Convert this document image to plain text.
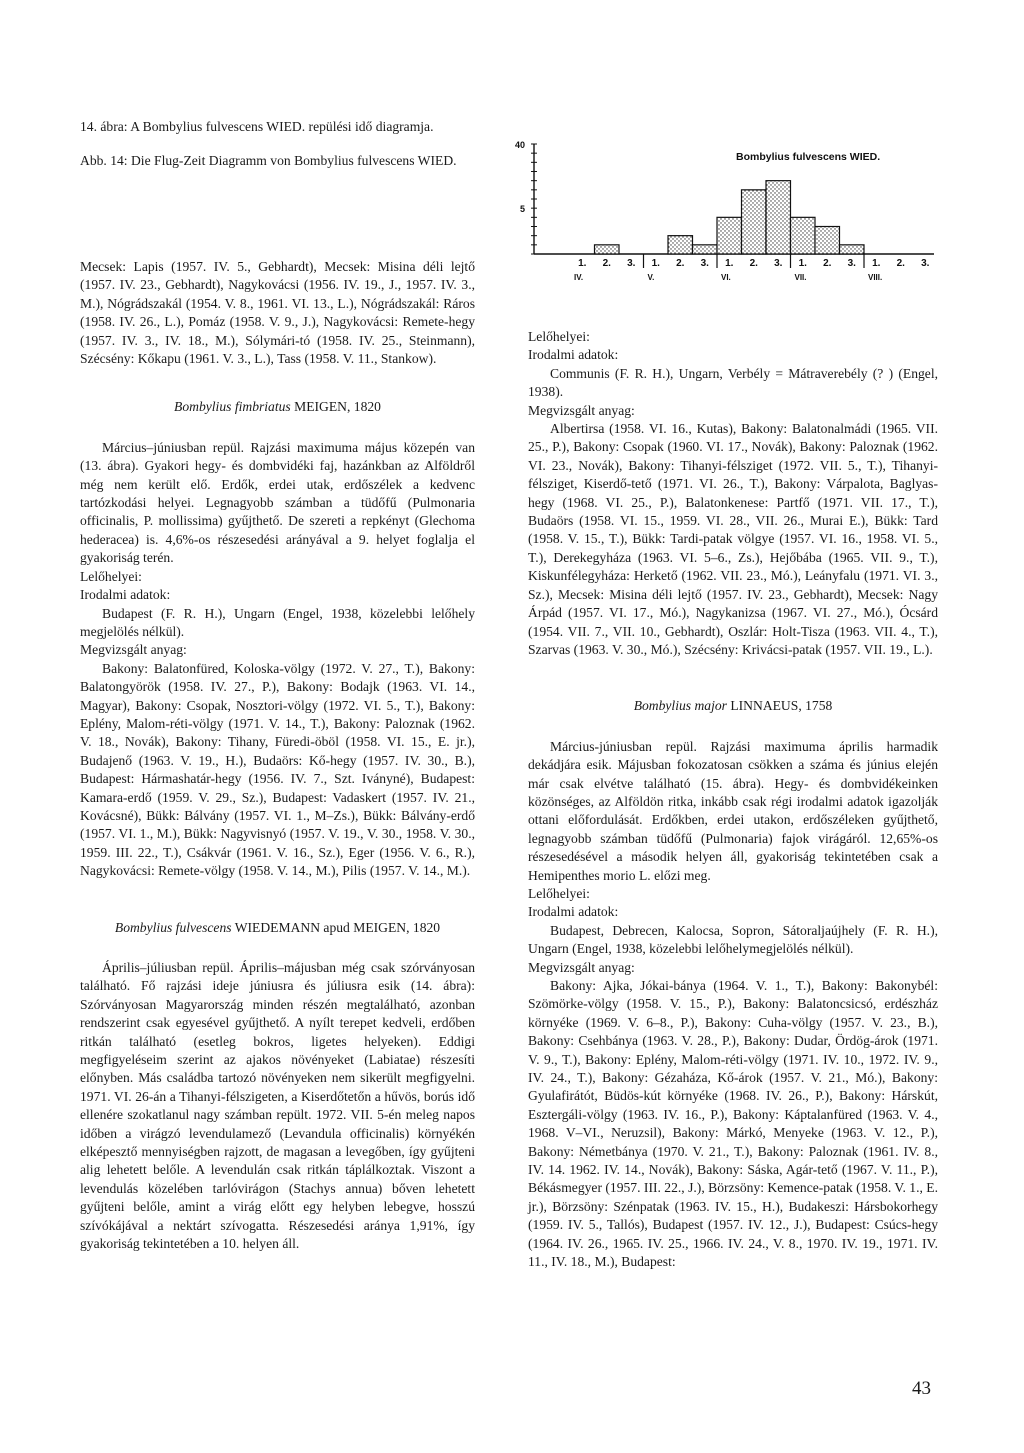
14. ábra: A Bombylius fulvescens WIED. repülési idő diagramja.

Abb. 14: Die Flug-Zeit Diagramm von Bombylius fulvescens WIED.

40
5
1. 2. 3. 1. 2. 3. 1. 2. 3. 1. 2. 3. 1. 2. 3.
IV.	V.	VI.	VII.	VIII.
Bombylius fulvescens WIED.

Mecsek: Lapis (1957. IV. 5., Gebhardt), Mecsek: Misina déli lejtő (1957. IV. 23., Gebhardt), Nagykovácsi (1956. IV. 19., J., 1957. IV. 3., M.), Nógrádszakál (1954. V. 8., 1961. VI. 13., L.), Nógrádszakál: Ráros (1958. IV. 26., L.), Pomáz (1958. V. 9., J.), Nagykovácsi: Remete-hegy (1957. IV. 3., IV. 18., M.), Sólymári-tó (1958. IV. 25., Steinmann), Szécsény: Kőkapu (1961. V. 3., L.), Tass (1958. V. 11., Stankow).

Bombylius fimbriatus MEIGEN, 1820

Március–júniusban repül. Rajzási maximuma május közepén van (13. ábra). Gyakori hegy- és dombvidéki faj, hazánkban az Alföldről még nem került elő. Erdők, erdei utak, erdőszélek a kedvenc tartózkodási helyei. Legnagyobb számban a tüdőfű (Pulmonaria officinalis, P. mollissima) gyűjthető. De szereti a repkényt (Glechoma hederacea) is. 4,6%-os részesedési arányával a 9. helyet foglalja el gyakoriság terén.

Lelőhelyei:

Irodalmi adatok:

Budapest (F. R. H.), Ungarn (Engel, 1938, közelebbi lelőhely megjelölés nélkül).

Megvizsgált anyag:

Bakony: Balatonfüred, Koloska-völgy (1972. V. 27., T.), Bakony: Balatongyörök (1958. IV. 27., P.), Bakony: Bodajk (1963. VI. 14., Magyar), Bakony: Csopak, Nosztori-völgy (1972. VI. 5., T.), Bakony: Eplény, Malom-réti-völgy (1971. V. 14., T.), Bakony: Paloznak (1962. V. 18., Novák), Bakony: Tihany, Füredi-öböl (1958. VI. 15., E. jr.), Budajenő (1963. V. 19., H.), Budaörs: Kő-hegy (1957. IV. 30., B.), Budapest: Hármashatár-hegy (1956. IV. 7., Szt. Iványné), Budapest: Kamara-erdő (1959. V. 29., Sz.), Budapest: Vadaskert (1957. IV. 21., Kovácsné), Bükk: Bálvány (1957. VI. 1., M–Zs.), Bükk: Bálvány-erdő (1957. VI. 1., M.), Bükk: Nagyvisnyó (1957. V. 19., V. 30., 1958. V. 30., 1959. III. 22., T.), Csákvár (1961. V. 16., Sz.), Eger (1956. V. 6., R.), Nagykovácsi: Remete-völgy (1958. V. 14., M.), Pilis (1957. V. 14., M.).

Bombylius fulvescens WIEDEMANN apud MEIGEN, 1820

Április–júliusban repül. Április–májusban még csak szórványosan található. Fő rajzási ideje júniusra és júliusra esik (14. ábra): Szórványosan Magyarország minden részén megtalálható, azonban rendszerint csak egyesével gyűjthető. A nyílt terepet kedveli, erdőben ritkán található (esetleg bokros, ligetes helyeken). Eddigi megfigyeléseim szerint az ajakos növényeket (Labiatae) részesíti előnyben. Más családba tartozó növényeken nem sikerült megfigyelni. 1971. VI. 26-án a Tihanyi-félszigeten, a Kiserdőtetőn a hűvös, borús idő ellenére szokatlanul nagy számban repült. 1972. VII. 5-én meleg napos időben a virágzó levendulamező (Levandula officinalis) környékén elképesztő mennyiségben rajzott, de magasan a levegőben, így gyűjteni alig lehetett belőle. A levendulán csak ritkán táplálkoztak. Viszont a levendulás közelében tarlóvirágon (Stachys annua) bőven lehetett gyűjteni belőle, amint a virág előtt egy helyben lebegve, hosszú szívókájával a nektárt szívogatta. Részesedési aránya 1,91%, így gyakoriság tekintetében a 10. helyen áll.

Lelőhelyei:

Irodalmi adatok:

Communis (F. R. H.), Ungarn, Verbély = Mátraverebély (? ) (Engel, 1938).

Megvizsgált anyag:

Albertirsa (1958. VI. 16., Kutas), Bakony: Balatonalmádi (1965. VII. 25., P.), Bakony: Csopak (1960. VI. 17., Novák), Bakony: Paloznak (1962. VI. 23., Novák), Bakony: Tihanyi-félsziget (1972. VII. 5., T.), Tihanyi-félsziget, Kiserdő-tető (1971. VI. 26., T.), Bakony: Várpalota, Baglyas-hegy (1968. VI. 25., P.), Balatonkenese: Partfő (1971. VII. 17., T.), Budaörs (1958. VI. 15., 1959. VI. 28., VII. 26., Murai E.), Bükk: Tard (1958. V. 15., T.), Bükk: Tardi-patak völgye (1957. VI. 16., 1958. VI. 5., T.), Derekegyháza (1963. VI. 5–6., Zs.), Hejőbába (1965. VII. 9., T.), Kiskunfélegyháza: Herkető (1962. VII. 23., Mó.), Leányfalu (1971. VI. 3., Sz.), Mecsek: Misina déli lejtő (1957. IV. 23., Gebhardt), Mecsek: Nagy Árpád (1957. VI. 17., Mó.), Nagykanizsa (1967. VI. 27., Mó.), Ócsárd (1954. VII. 7., VII. 10., Gebhardt), Oszlár: Holt-Tisza (1963. VII. 4., T.), Szarvas (1963. V. 30., Mó.), Szécsény: Krivácsi-patak (1957. VII. 19., L.).

Bombylius major LINNAEUS, 1758

Március-júniusban repül. Rajzási maximuma április harmadik dekádjára esik. Májusban fokozatosan csökken a száma és június elején már csak elvétve található (15. ábra). Hegy- és dombvidékeinken közönséges, az Alföldön ritka, inkább csak régi irodalmi adatok igazolják ottani előfordulását. Erdőkben, erdei utakon, erdőszéleken gyűjthető, legnagyobb számban tüdőfű (Pulmonaria) fajok virágáról. 12,65%-os részesedésével a második helyen áll, gyakoriság tekintetében csak a Hemipenthes morio L. előzi meg.

Lelőhelyei:

Irodalmi adatok:

Budapest, Debrecen, Kalocsa, Sopron, Sátoraljaújhely (F. R. H.), Ungarn (Engel, 1938, közelebbi lelőhelymegjelölés nélkül).

Megvizsgált anyag:

Bakony: Ajka, Jókai-bánya (1964. V. 1., T.), Bakony: Bakonybél: Szömörke-völgy (1958. V. 15., P.), Bakony: Balatoncsicsó, erdészház környéke (1969. V. 6–8., P.), Bakony: Cuha-völgy (1957. V. 23., B.), Bakony: Csehbánya (1963. V. 28., P.), Bakony: Dudar, Ördög-árok (1971. V. 9., T.), Bakony: Eplény, Malom-réti-völgy (1971. IV. 10., 1972. IV. 9., IV. 24., T.), Bakony: Gézaháza, Kő-árok (1957. V. 21., Mó.), Bakony: Gyulafirátót, Büdös-kút környéke (1968. IV. 26., P.), Bakony: Hárskút, Esztergáli-völgy (1963. IV. 16., P.), Bakony: Káptalanfüred (1963. V. 4., 1968. V–VI., Neruzsil), Bakony: Márkó, Menyeke (1963. V. 12., P.), Bakony: Németbánya (1970. V. 21., T.), Bakony: Paloznak (1961. IV. 8., IV. 14. 1962. IV. 14., Novák), Bakony: Sáska, Agár-tető (1967. V. 11., P.), Békásmegyer (1957. III. 22., J.), Börzsöny: Kemence-patak (1958. V. 1., E. jr.), Börzsöny: Szénpatak (1963. IV. 15., H.), Budakeszi: Hársbokorhegy (1959. IV. 5., Tallós), Budapest (1957. IV. 12., J.), Budapest: Csúcs-hegy (1964. IV. 26., 1965. IV. 25., 1966. IV. 24., V. 8., 1970. IV. 19., 1971. IV. 11., IV. 18., M.), Budapest:

43
